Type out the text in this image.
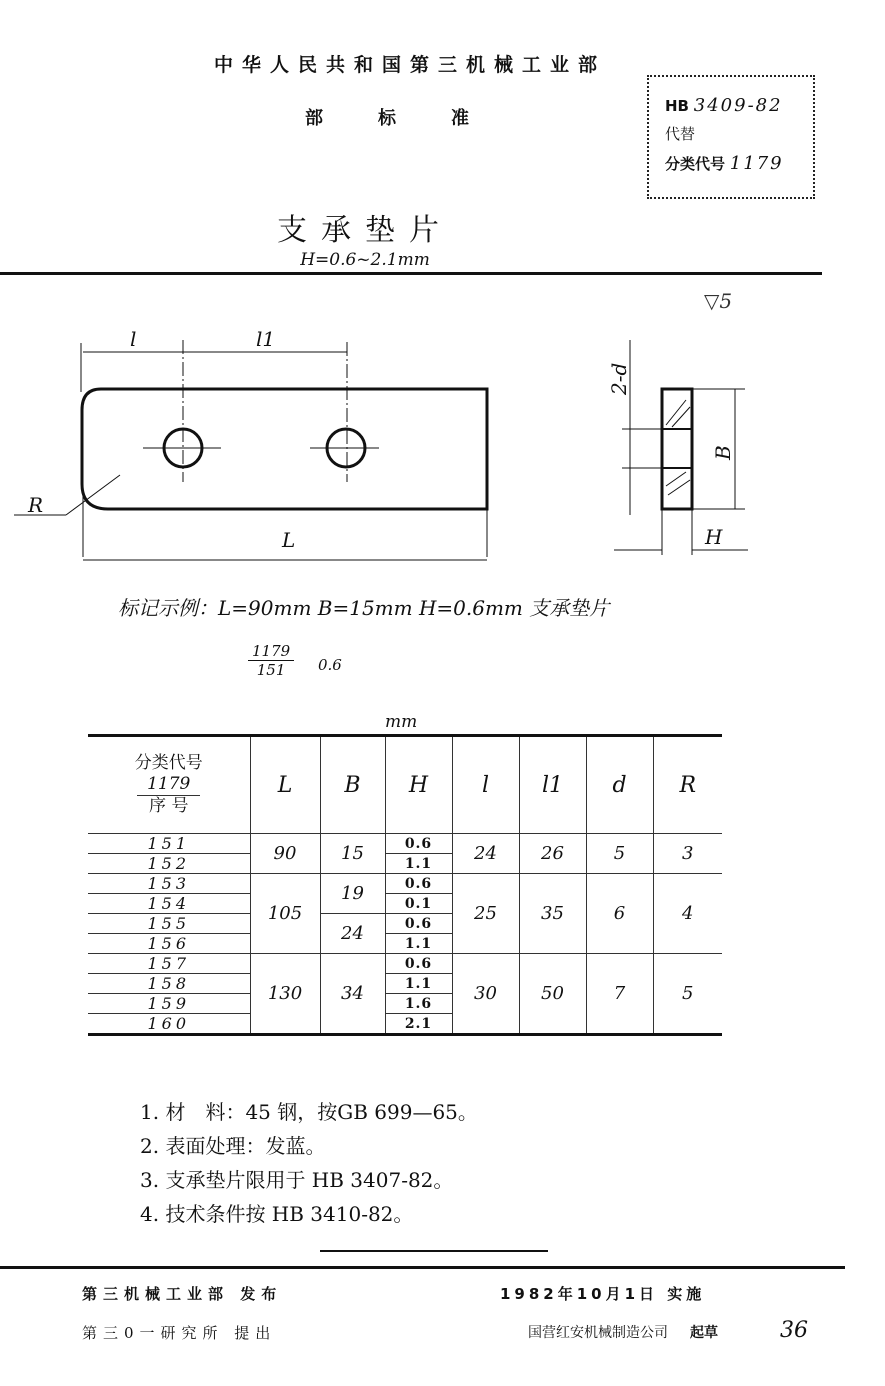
中华人民共和国第三机械工业部
部	标	准
HB 3409-82
代替
分类代号 1179
支承垫片
H=0.6~2.1mm
▽5
l	l1
L
R
2-d
B
H
标记示例：L=90mm B=15mm H=0.6mm 支承垫片
$\frac{1179}{151} 0.6$
mm
分类代号
1179
序 号	L	B	H	l	l1	d	R
151	90	15	0.6	24	26	5	3
152			1.1				
153	105	19	0.6	25	35	6	4
154			0.1				
155		24	0.6				
156			1.1				
157	130	34	0.6	30	50	7	5
158			1.1				
159			1.6				
160			2.1				
1. 材　料：45 钢，按GB 699—65。
2. 表面处理：发蓝。
3. 支承垫片限用于 HB 3407-82。
4. 技术条件按 HB 3410-82。
第三机械工业部 发布	1982年10月1日 实施
第三0一研究所 提出	国营红安机械制造公司 起草	36
